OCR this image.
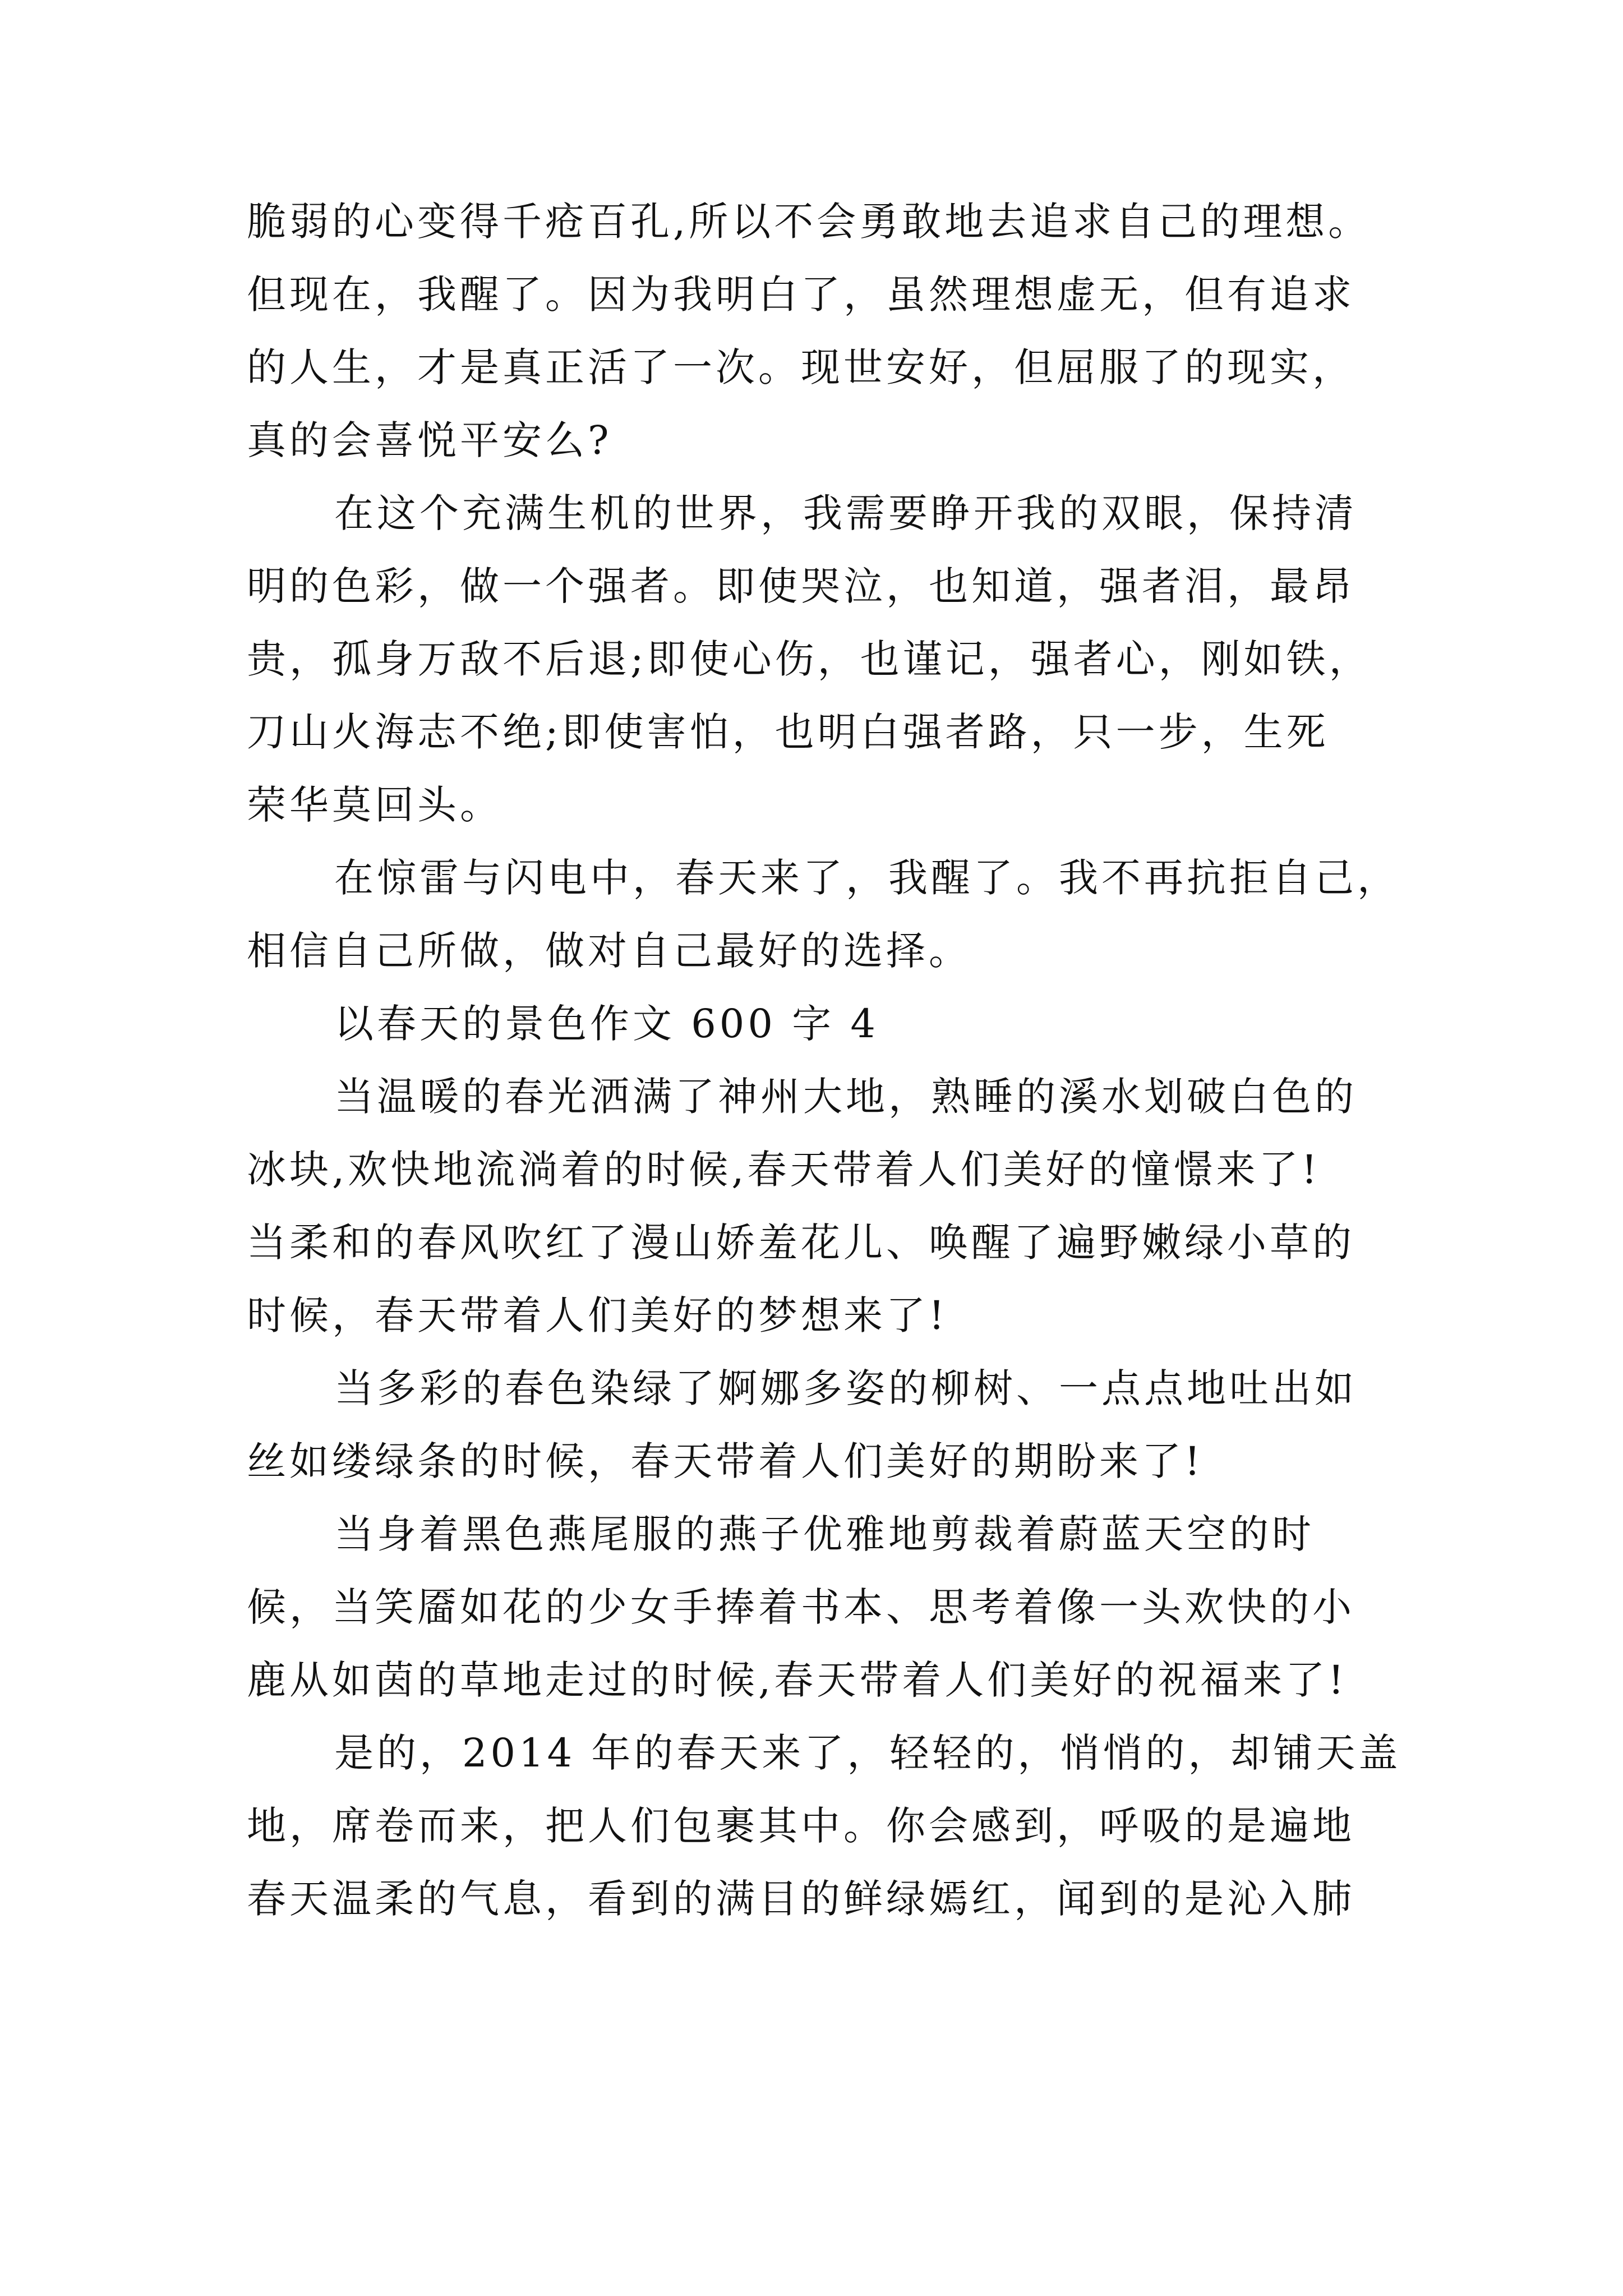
脆弱的心变得千疮百孔,所以不会勇敢地去追求自己的理想。
但现在，我醒了。因为我明白了，虽然理想虚无，但有追求
的人生，才是真正活了一次。现世安好，但屈服了的现实，
真的会喜悦平安么?

在这个充满生机的世界，我需要睁开我的双眼，保持清
明的色彩，做一个强者。即使哭泣，也知道，强者泪，最昂
贵，孤身万敌不后退;即使心伤，也谨记，强者心，刚如铁，
刀山火海志不绝;即使害怕，也明白强者路，只一步，生死
荣华莫回头。

在惊雷与闪电中，春天来了，我醒了。我不再抗拒自己，
相信自己所做，做对自己最好的选择。

以春天的景色作文 600 字 4

当温暖的春光洒满了神州大地，熟睡的溪水划破白色的
冰块,欢快地流淌着的时候,春天带着人们美好的憧憬来了!
当柔和的春风吹红了漫山娇羞花儿、唤醒了遍野嫩绿小草的
时候，春天带着人们美好的梦想来了!

当多彩的春色染绿了婀娜多姿的柳树、一点点地吐出如
丝如缕绿条的时候，春天带着人们美好的期盼来了!

当身着黑色燕尾服的燕子优雅地剪裁着蔚蓝天空的时
候，当笑靥如花的少女手捧着书本、思考着像一头欢快的小
鹿从如茵的草地走过的时候,春天带着人们美好的祝福来了!

是的，2014 年的春天来了，轻轻的，悄悄的，却铺天盖
地，席卷而来，把人们包裹其中。你会感到，呼吸的是遍地
春天温柔的气息，看到的满目的鲜绿嫣红，闻到的是沁入肺
